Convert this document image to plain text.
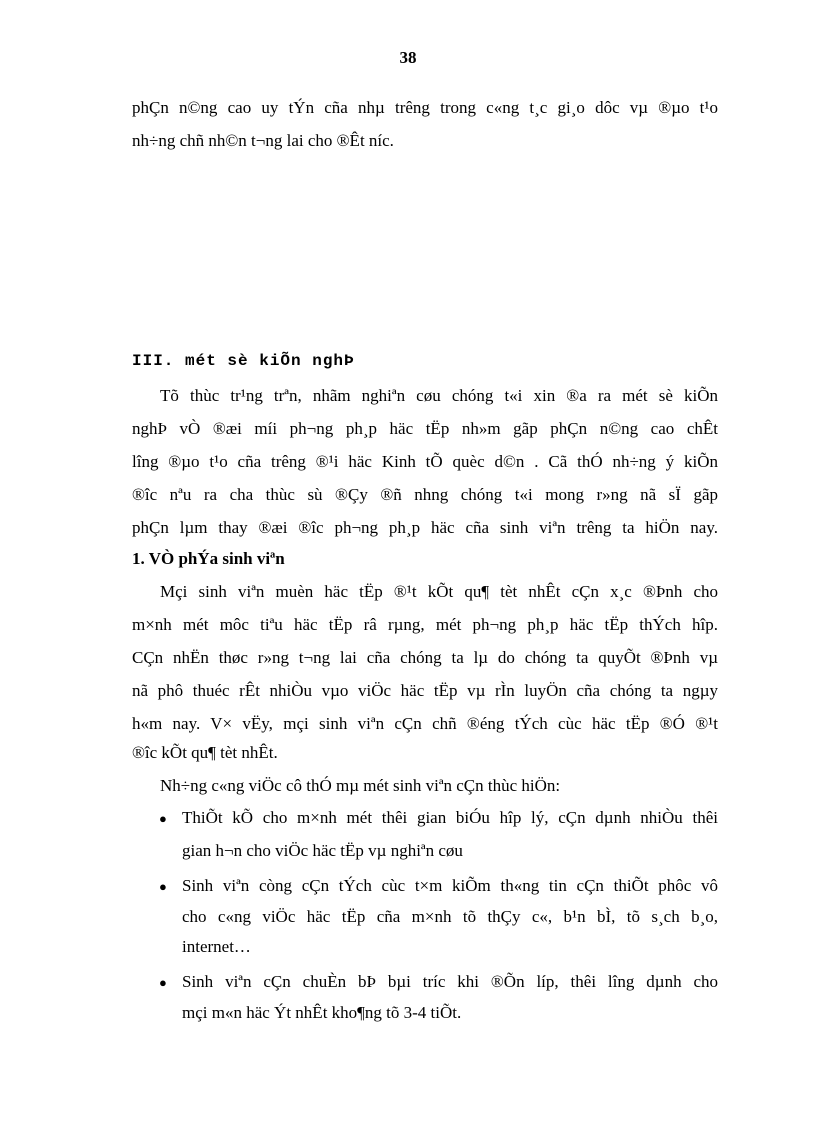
38
phÇn n©ng cao uy tÝn cña nhµ trêng trong c«ng t¸c gi¸o dôc vµ ®µo t¹o
nh÷ng chñ nh©n t¬ng lai cho ®Êt níc.
III. mét sè kiÕn nghÞ
Tõ thùc tr¹ng trªn, nhãm nghiªn cøu chóng t«i xin ®a ra mét sè kiÕn
nghÞ vÒ ®æi míi ph¬ng ph¸p häc tËp nh»m gãp phÇn n©ng cao chÊt
lîng ®µo t¹o cña trêng ®¹i häc Kinh tÕ quèc d©n . Cã thÓ nh÷ng ý kiÕn
®îc nªu ra cha thùc sù ®Çy ®ñ nhng chóng t«i mong r»ng nã sÏ gãp
phÇn lµm thay ®æi ®îc ph¬ng ph¸p häc cña sinh viªn trêng ta hiÖn nay.
1. VÒ phÝa sinh viªn
Mçi sinh viªn muèn häc tËp ®¹t kÕt qu¶ tèt nhÊt cÇn x¸c ®Þnh cho
m×nh mét môc tiªu häc tËp râ rµng, mét ph¬ng ph¸p häc tËp thÝch hîp.
CÇn nhËn thøc r»ng t¬ng lai cña chóng ta lµ do chóng ta quyÕt ®Þnh vµ
nã phô thuéc rÊt nhiÒu vµo viÖc häc tËp vµ rÌn luyÖn cña chóng ta ngµy
h«m nay. V× vËy, mçi sinh viªn cÇn chñ ®éng tÝch cùc häc tËp ®Ó ®¹t
®îc kÕt qu¶ tèt nhÊt.
Nh÷ng c«ng viÖc cô thÓ mµ mét sinh viªn cÇn thùc hiÖn:
● ThiÕt kÕ cho m×nh mét thêi gian biÓu hîp lý, cÇn dµnh nhiÒu thêi
gian h¬n cho viÖc häc tËp vµ nghiªn cøu
● Sinh viªn còng cÇn tÝch cùc t×m kiÕm th«ng tin cÇn thiÕt phôc vô
cho c«ng viÖc häc tËp cña m×nh tõ thÇy c«, b¹n bÌ, tõ s¸ch b¸o,
internet…
● Sinh viªn cÇn chuÈn bÞ bµi tríc khi ®Õn líp, thêi lîng dµnh cho
mçi m«n häc Ýt nhÊt kho¶ng tõ 3-4 tiÕt.
